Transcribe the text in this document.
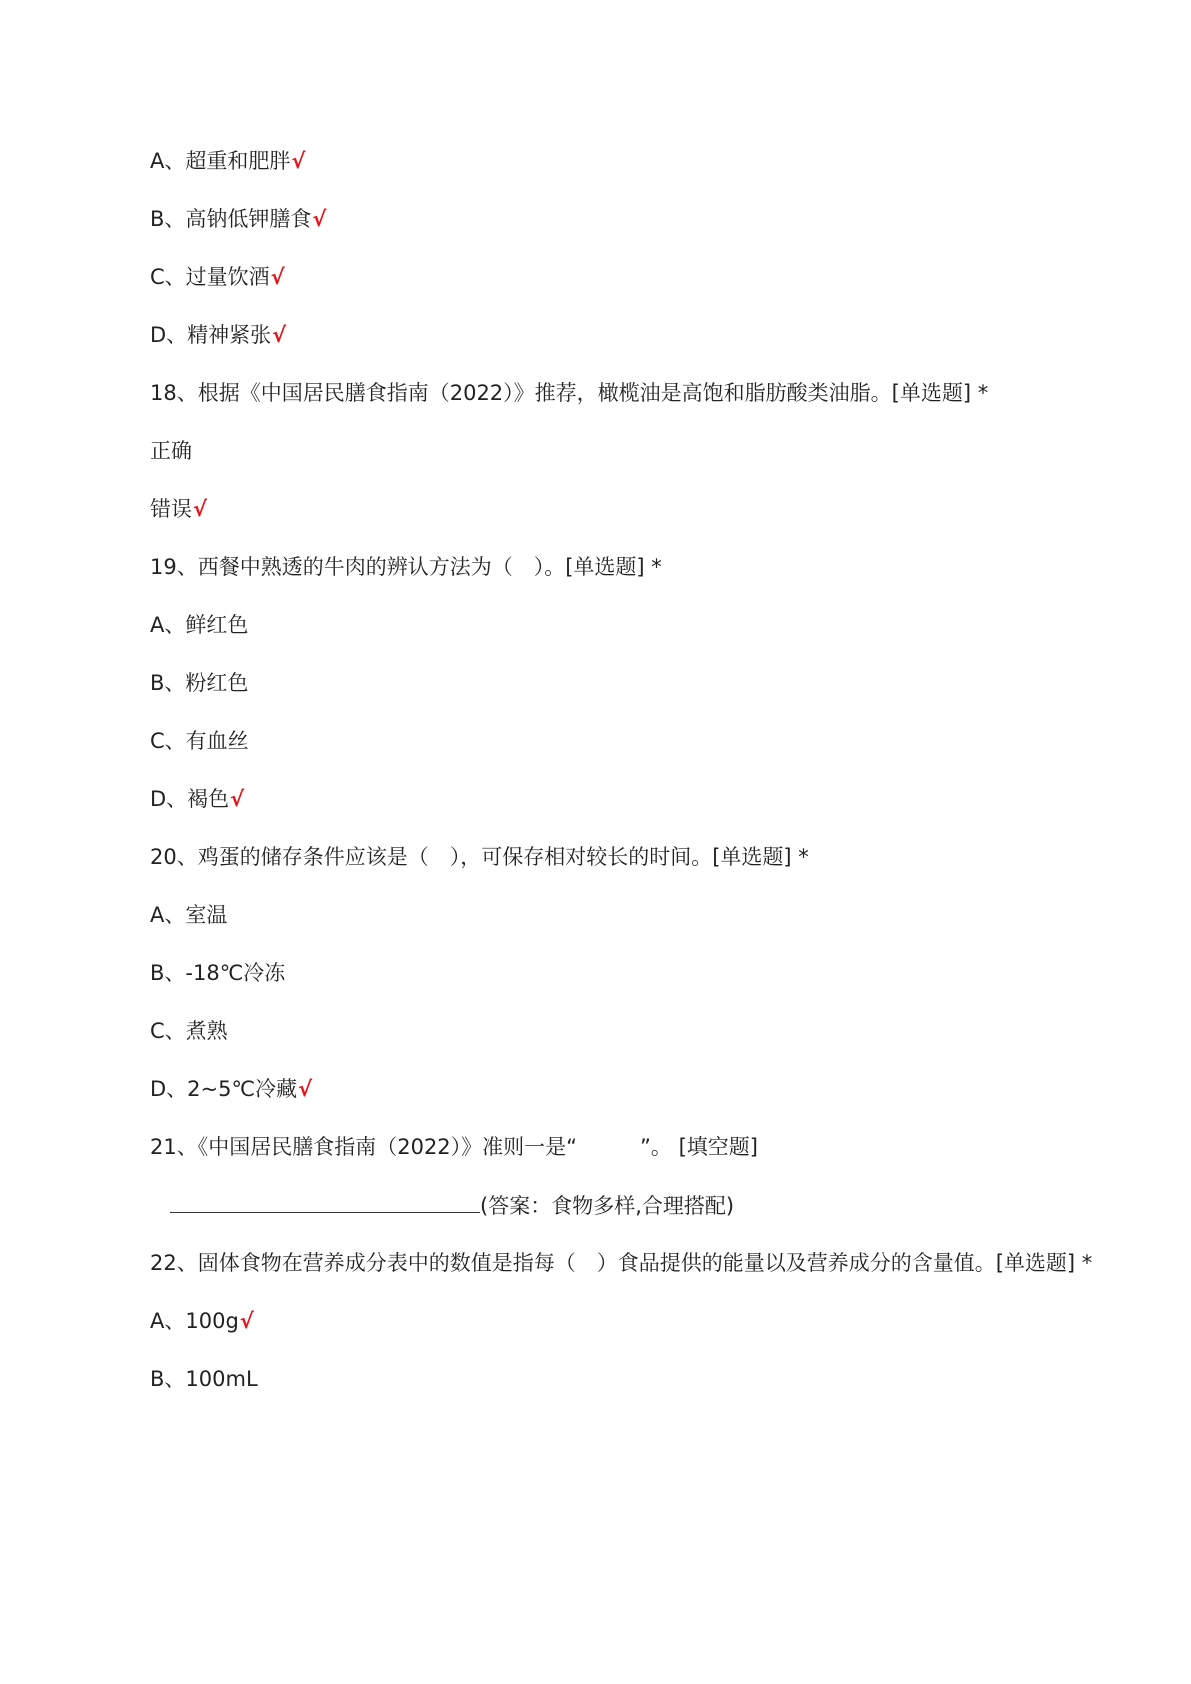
A、超重和肥胖√
B、高钠低钾膳食√
C、过量饮酒√
D、精神紧张√
18、根据《中国居民膳食指南（2022）》推荐，橄榄油是高饱和脂肪酸类油脂。[单选题] *
正确
错误√
19、西餐中熟透的牛肉的辨认方法为（　）。[单选题] *
A、鲜红色
B、粉红色
C、有血丝
D、褐色√
20、鸡蛋的储存条件应该是（　），可保存相对较长的时间。[单选题] *
A、室温
B、-18℃冷冻
C、煮熟
D、2~5℃冷藏√
21、《中国居民膳食指南（2022）》准则一是“　　　”。 [填空题]
(答案：食物多样,合理搭配)
22、固体食物在营养成分表中的数值是指每（　）食品提供的能量以及营养成分的含量值。[单选题] *
A、100g√
B、100mL
